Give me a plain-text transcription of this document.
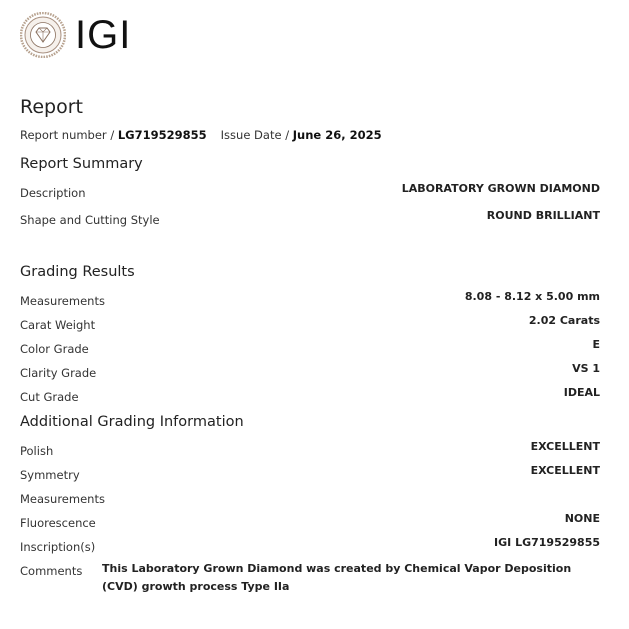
IGI
Report
Report number / LG719529855 Issue Date / June 26, 2025
Report Summary
Description	LABORATORY GROWN DIAMOND
Shape and Cutting Style	ROUND BRILLIANT
Grading Results
Measurements	8.08 - 8.12 x 5.00 mm
Carat Weight	2.02 Carats
Color Grade	E
Clarity Grade	VS 1
Cut Grade	IDEAL
Additional Grading Information
Polish	EXCELLENT
Symmetry	EXCELLENT
Measurements
Fluorescence	NONE
Inscription(s)	IGI LG719529855
Comments This Laboratory Grown Diamond was created by Chemical Vapor Deposition (CVD) growth process Type IIa
